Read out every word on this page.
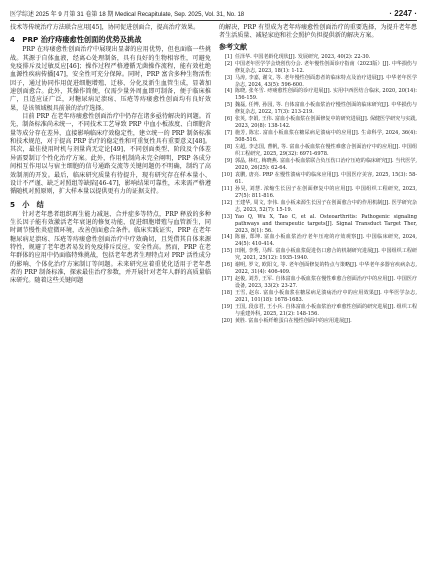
医学综述 2025 年 9 月第 31 卷第 18 期 Medical Recapitulate, Sep. 2025, Vol. 31, No. 18	· 2247 ·

技术等传统治疗方法联合应用[45]，协同促进创面合，提高治疗效果。

4　PRP 治疗痔瘘愈性创面的优势及挑战

PRP 在痔瘘愈性创面治疗中展现出显著的应用优势，但也面临一些挑战。其源于自体血液，经离心处理制备，具有良好的生物相容性，可避免免疫排斥及过敏反应[46]；操作过程严格遵循无菌操作流程，能有效杜绝血源性疾病传播[47]，安全性可充分保障。同时，PRP 富含多种生物活性因子，通过协同作用促进细胞增殖、迁移、分化及新生血管生成，显著加速创面愈合。此外，其操作简便，仅需少量外周血即可制备，便于临床推广，且适应证广泛，对糖尿病足溃疡、压疮等痔瘘愈性创面均有良好效果，是该领域极具前景的治疗选择。

目前 PRP 在老年痔瘘愈性创面治疗中仍存在诸多亟待解决的问题。首先，制备标准尚未统一，不同技术工艺导致 PRP 中血小板浓度、白细胞含量等成分存在差异，直接影响临床疗效稳定性，建立统一的 PRP 制备标准和技术规范，对于提高 PRP 治疗的稳定性和可重复性具有重要意义[48]。其次，最佳使用时机与剂量尚无定论[49]，不同创面类型、阶段及个体差异需要制订个性化治疗方案。此外，作用机制尚未完全阐明，PRP 各成分间相互作用以与宿主细胞的信号通路交流等关键问题仍不明确，制约了高效制剂的开发。最后，临床研究质量有待提升，现有研究存在样本量小、设计不严谨、缺乏对照组等缺陷[46-47]，影响结果可靠性，未来需严格遵循随机对照原则，扩大样本量以提供更有力的证据支持。

5　小　结

针对老年患者组织再生能力减退、合并症多等特点，PRP 释放的多种生长因子能有效激活老年衰退的修复功能，促进细胞增殖与血管新生，同时调节慢性炎症微环境，改善创面愈合条件。临床实践证实，PRP 在老年糖尿病足溃疡、压疮等痔瘘愈性创面治疗中疗效确切，且凭借其自体来源特性，规避了老年患者易发的免疫排斥反应，安全性高。然而，PRP 在老年群体的应用中仍面临特殊挑战，包括老年患者生理特点对 PRP 活性成分的影响、个体化治疗方案制订等问题。未来研究应着重优化适用于老年患者的 PRP 制备标准，探索最佳治疗参数，并开展针对老年人群的高质量临床研究。随着这些关键问题

的解决，PRP 有望成为老年痔瘘愈性创面治疗的重要选择，为提升老年患者生活质量、减轻家庭和社会照护负担提供新的解决方案。

参考文献
[1] 任泽华. 中国老龄化现状[J]. 发展研究, 2023, 40(2): 22-30.
[2] 中国老年医学学会烧创伤分会. 老年慢性创面诊疗指南（2023版）[J]. 中华损伤与修复杂志, 2023, 18(1): 1-12.
[3] 马涛, 李嘉, 谢文, 等. 老年慢性创面患者的临床特点及治疗进展[J]. 中华老年医学杂志, 2024, 43(5): 596-600.
[4] 陈晓, 张冬雪. 痔瘘愈性创面的诊疗进展[J]. 实用中西医结合临床, 2020, 20(14): 156-159.
[5] 魏磊, 任博, 孙园, 等. 自体富血小板血浆治疗慢性创面的临床研究[J]. 中华损伤与修复杂志, 2022, 17(3): 213-219.
[6] 张英, 李娟, 王伟. 富血小板血浆在创面修复中的研究进展[J]. 保健医学研究与实践, 2023, 20(8): 138-142.
[7] 施芳, 陈宏. 富血小板血浆在糖尿病足溃疡中的应用[J]. 生命科学, 2024, 36(4): 508-516.
[8] 左超, 李志国, 曹帆, 等. 富血小板血浆在慢性难愈合创面治疗中的应用[J]. 中国组织工程研究, 2025, 29(32): 6971-6978.
[9] 郭晶, 林红, 梅晓燕. 富血小板血浆联合负压伤口治疗压疮的临床研究[J]. 当代医学, 2020, 26(25): 62-64.
[10] 袁鹏, 唐亮. PRP 在慢性溃疡中的临床应用[J]. 中国医疗美容, 2025, 15(3): 58-61.
[11] 孙昊, 刘慧. 浓缩生长因子在创面修复中的应用[J]. 中国组织工程研究, 2023, 27(5): 811-816.
[12] 王建华, 周文, 李伟. 血小板来源生长因子在创面愈合中的作用机制[J]. 医学研究杂志, 2023, 52(7): 15-19.
[13] Yao Q, Wu X, Tao C, et al. Osteoarthritis: Pathogenic signaling pathways and therapeutic targets[J]. Signal Transduct Target Ther, 2023, 8(1): 56.
[14] 陈丽, 郑坤. 富血小板血浆治疗老年压疮的疗效观察[J]. 中国临床研究, 2024, 24(5): 410-414.
[15] 田刚, 李秀, 马辉. 富血小板血浆促进伤口愈合的机制研究进展[J]. 中国组织工程研究, 2021, 25(12): 1935-1940.
[16] 谢明, 罗文, 欧阳文, 等. 老年创面修复的特点与策略[J]. 中华老年多器官疾病杂志, 2022, 31(4): 406-409.
[17] 赵俊, 刘芳, 王军. 自体富血小板血浆在慢性难愈合创面治疗中的应用[J]. 中国医疗设备, 2023, 33(2): 23-27.
[18] 王雪, 赵东. 富血小板血浆在糖尿病足溃疡治疗中的应用效果[J]. 中华医学杂志, 2021, 101(18): 1678-1683.
[19] 王国, 段彦君, 王小兵. 自体富血小板血浆治疗难愈性创面的研究进展[J]. 组织工程与重建外科, 2025, 21(2): 148-156.
[20] 黄胜. 富血小板纤维蛋白在慢性创面中的应用进展[J].
